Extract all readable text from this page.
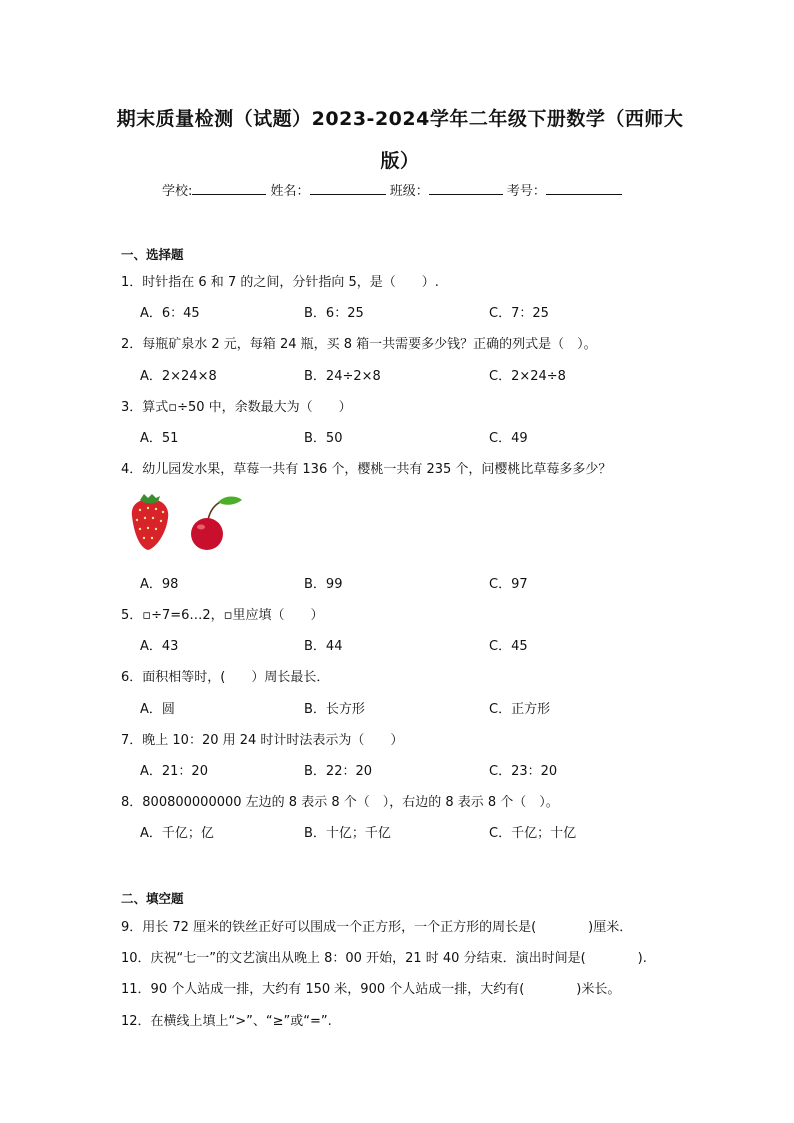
期末质量检测（试题）2023-2024学年二年级下册数学（西师大
版）
学校:	姓名：	班级：	考号：
一、选择题
1．时针指在 6 和 7 的之间，分针指向 5，是（　　）.
A．6：45	B．6：25	C．7：25
2．每瓶矿泉水 2 元，每箱 24 瓶，买 8 箱一共需要多少钱？正确的列式是（　）。
A．2×24×8	B．24÷2×8	C．2×24÷8
3．算式▫÷50 中，余数最大为（　　）
A．51	B．50	C．49
4．幼儿园发水果，草莓一共有 136 个，樱桃一共有 235 个，问樱桃比草莓多多少？
A．98	B．99	C．97
5．▫÷7=6…2，▫里应填（　　）
A．43	B．44	C．45
6．面积相等时，(　　）周长最长．
A．圆	B．长方形	C．正方形
7．晚上 10：20 用 24 时计时法表示为（　　）
A．21：20	B．22：20	C．23：20
8．800800000000 左边的 8 表示 8 个（　），右边的 8 表示 8 个（　）。
A．千亿；亿	B．十亿；千亿	C．千亿；十亿
二、填空题
9．用长 72 厘米的铁丝正好可以围成一个正方形，一个正方形的周长是(　　　　)厘米．
10．庆祝“七一”的文艺演出从晚上 8：00 开始，21 时 40 分结束．演出时间是(　　　　).
11．90 个人站成一排，大约有 150 米，900 个人站成一排，大约有(　　　　)米长。
12．在横线上填上“>”、“≥”或“=”.
